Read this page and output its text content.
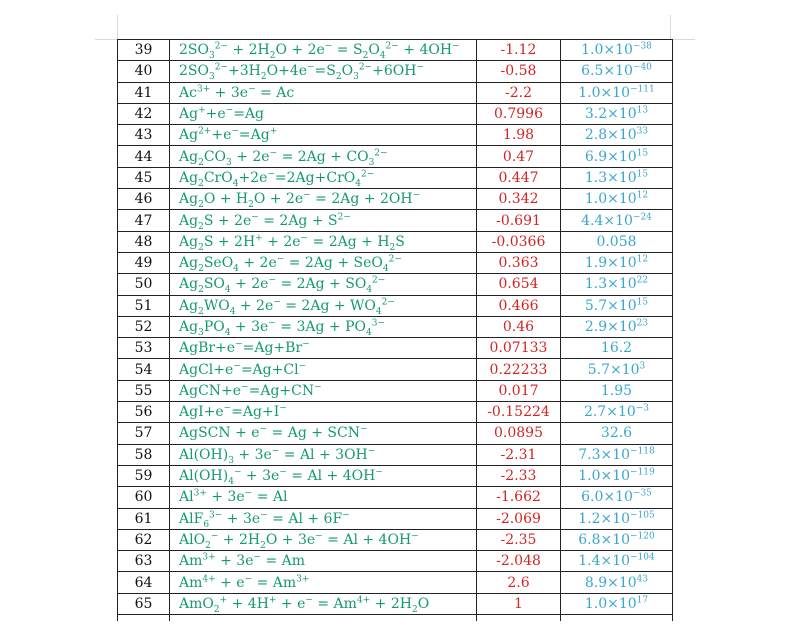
39	$2SO_3^{2-} + 2H_2O + 2e^- = S_2O_4^{2-} + 4OH^-$	-1.12	$1.0\times 10^{-38}$
40	$2SO_3^{2-}+3H_2O+4e^-=S_2O_3^{2-}+6OH^-$	-0.58	$6.5\times 10^{-40}$
41	$Ac^{3+} + 3e^- = Ac$	-2.2	$1.0\times 10^{-111}$
42	Ag++e−=Ag	0.7996	$3.2\times 10^{13}$
43	$Ag^{2+}+e^-=Ag^+$	1.98	$2.8\times 10^{33}$
44	$Ag_2CO_3 + 2e^- = 2Ag + CO_3^{2-}$	0.47	$6.9\times 10^{15}$
45	$Ag_2CrO_4+2e^-=2Ag+CrO_4^{2-}$	0.447	$1.3\times 10^{15}$
46	$Ag_2O + H_2O + 2e^- = 2Ag + 2OH^-$	0.342	$1.0\times 10^{12}$
47	$Ag_2S + 2e^- = 2Ag + S^{2-}$	-0.691	$4.4\times 10^{-24}$
48	$Ag_2S + 2H^+ + 2e^- = 2Ag + H_2S$	-0.0366	0.058
49	$Ag_2SeO_4 + 2e^- = 2Ag + SeO_4^{2-}$	0.363	$1.9\times 10^{12}$
50	$Ag_2SO_4 + 2e^- = 2Ag + SO_4^{2-}$	0.654	$1.3\times 10^{22}$
51	$Ag_2WO_4 + 2e^- = 2Ag + WO_4^{2-}$	0.466	$5.7\times 10^{15}$
52	$Ag_3PO_4 + 3e^- = 3Ag + PO_4^{3-}$	0.46	$2.9\times 10^{23}$
53	AgBr+e−=Ag+Br−	0.07133	16.2
54	AgCl+e−=Ag+Cl−	0.22233	$5.7\times 10^3$
55	AgCN+e−=Ag+CN−	0.017	1.95
56	AgI+e−=Ag+I−	-0.15224	$2.7\times 10^{-3}$
57	AgSCN + e− = Ag + SCN−	0.0895	32.6
58	$Al(OH)_3 + 3e^- = Al + 3OH^-$	-2.31	$7.3\times 10^{-118}$
59	$Al(OH)_4^- + 3e^- = Al + 4OH^-$	-2.33	$1.0\times 10^{-119}$
60	$Al^{3+} + 3e^- = Al$	-1.662	$6.0\times 10^{-35}$
61	AlF$_6^{3-}$ + 3e− = Al + 6F−	-2.069	$1.2\times 10^{-105}$
62	$AlO_2^- + 2H_2O + 3e^- = Al + 4OH^-$	-2.35	$6.8\times 10^{-120}$
63	$Am^{3+} + 3e^- = Am$	-2.048	$1.4\times 10^{-104}$
64	$Am^{4+} + e^- = Am^{3+}$	2.6	$8.9\times 10^{43}$
65	$AmO_2^+ + 4H^+ + e^- = Am^{4+} + 2H_2O$	1	$1.0\times 10^{17}$
